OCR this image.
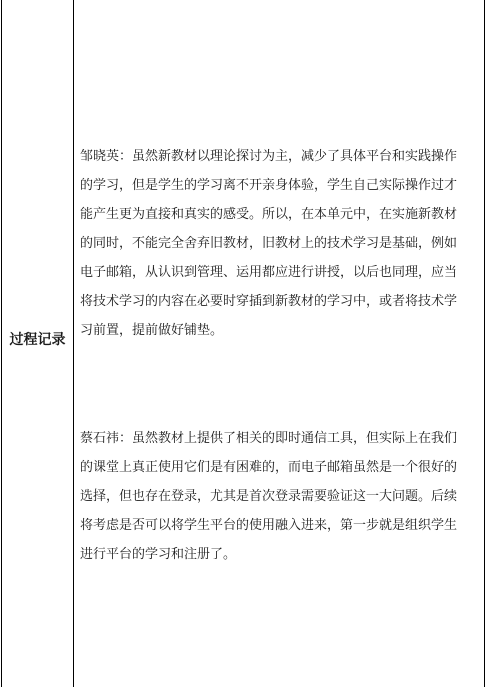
过程记录
邹晓英：虽然新教材以理论探讨为主，减少了具体平台和实践操作
的学习，但是学生的学习离不开亲身体验，学生自己实际操作过才
能产生更为直接和真实的感受。所以，在本单元中，在实施新教材
的同时，不能完全舍弃旧教材，旧教材上的技术学习是基础，例如
电子邮箱，从认识到管理、运用都应进行讲授，以后也同理，应当
将技术学习的内容在必要时穿插到新教材的学习中，或者将技术学
习前置，提前做好铺垫。
蔡石祎：虽然教材上提供了相关的即时通信工具，但实际上在我们
的课堂上真正使用它们是有困难的，而电子邮箱虽然是一个很好的
选择，但也存在登录，尤其是首次登录需要验证这一大问题。后续
将考虑是否可以将学生平台的使用融入进来，第一步就是组织学生
进行平台的学习和注册了。
